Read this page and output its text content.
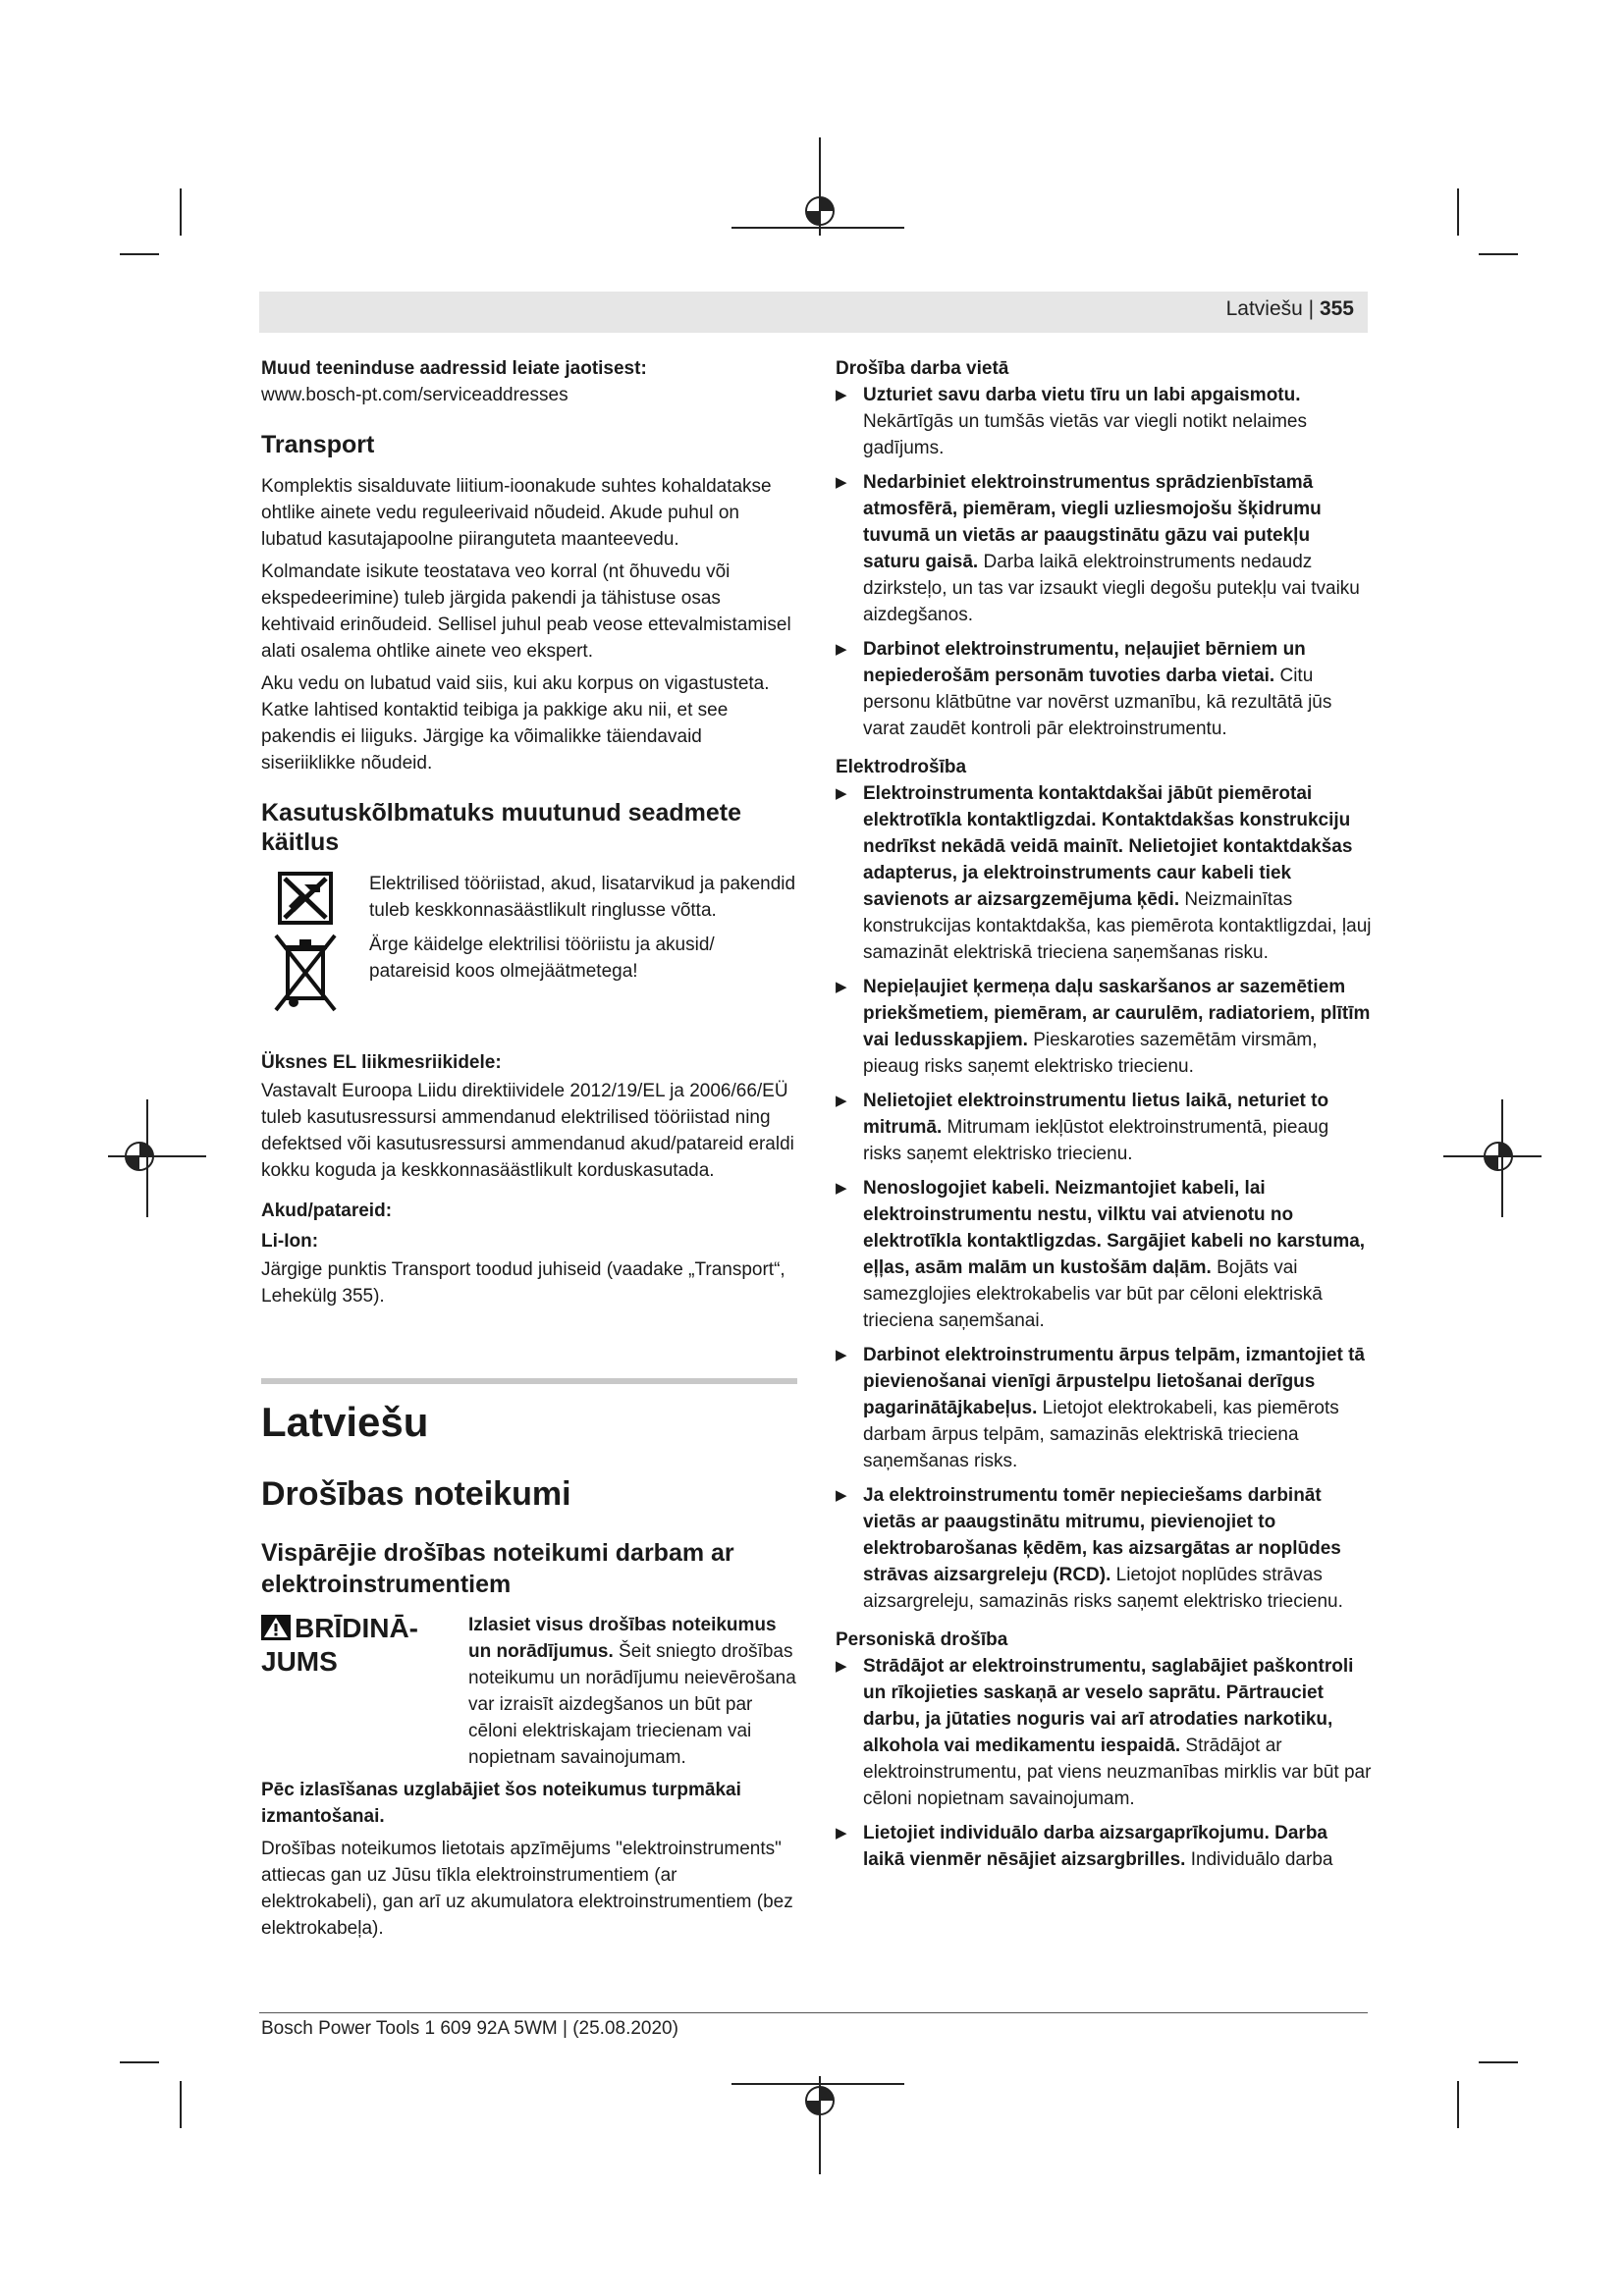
Latviešu | 355

Muud teeninduse aadressid leiate jaotisest:

www.bosch-pt.com/serviceaddresses

Transport

Komplektis sisalduvate liitium-ioonakude suhtes kohaldatakse ohtlike ainete vedu reguleerivaid nõudeid. Akude puhul on lubatud kasutajapoolne piiranguteta maanteevedu.

Kolmandate isikute teostatava veo korral (nt õhuvedu või ekspedeerimine) tuleb järgida pakendi ja tähistuse osas kehtivaid erinõudeid. Sellisel juhul peab veose ettevalmistamisel alati osalema ohtlike ainete veo ekspert.

Aku vedu on lubatud vaid siis, kui aku korpus on vigastusteta. Katke lahtised kontaktid teibiga ja pakkige aku nii, et see pakendis ei liiguks. Järgige ka võimalikke täiendavaid siseriiklikke nõudeid.

Kasutuskõlbmatuks muutunud seadmete käitlus

Elektrilised tööriistad, akud, lisatarvikud ja pakendid tuleb keskkonnasäästlikult ringlusse võtta.

Ärge käidelge elektrilisi tööriistu ja akusid/ patareisid koos olmejäätmetega!

Üksnes EL liikmesriikidele:

Vastavalt Euroopa Liidu direktiividele 2012/19/EL ja 2006/66/EÜ tuleb kasutusressursi ammendanud elektrilised tööriistad ning defektsed või kasutusressursi ammendanud akud/patareid eraldi kokku koguda ja keskkonnasäästlikult korduskasutada.

Akud/patareid:
Li-Ion:

Järgige punktis Transport toodud juhiseid (vaadake „Transport“, Lehekülg 355).

Latviešu
Drošības noteikumi
Vispārējie drošības noteikumi darbam ar elektroinstrumentiem
BRĪDINĀ- JUMS
Izlasiet visus drošības noteikumus un norādījumus. Šeit sniegto drošības noteikumu un norādījumu neievērošana var izraisīt aizdegšanos un būt par cēloni elektriskajam triecienam vai nopietnam savainojumam.

Pēc izlasīšanas uzglabājiet šos noteikumus turpmākai izmantošanai.

Drošības noteikumos lietotais apzīmējums "elektroinstruments" attiecas gan uz Jūsu tīkla elektroinstrumentiem (ar elektrokabeli), gan arī uz akumulatora elektroinstrumentiem (bez elektrokabeļa).

Drošība darba vietā

▶ Uzturiet savu darba vietu tīru un labi apgaismotu. Nekārtīgās un tumšās vietās var viegli notikt nelaimes gadījums.
▶ Nedarbiniet elektroinstrumentus sprādzienbīstamā atmosfērā, piemēram, viegli uzliesmojošu šķidrumu tuvumā un vietās ar paaugstinātu gāzu vai putekļu saturu gaisā. Darba laikā elektroinstruments nedaudz dzirksteļo, un tas var izsaukt viegli degošu putekļu vai tvaiku aizdegšanos.
▶ Darbinot elektroinstrumentu, neļaujiet bērniem un nepiederošām personām tuvoties darba vietai. Citu personu klātbūtne var novērst uzmanību, kā rezultātā jūs varat zaudēt kontroli pār elektroinstrumentu.

Elektrodrošība

▶ Elektroinstrumenta kontaktdakšai jābūt piemērotai elektrotīkla kontaktligzdai. Kontaktdakšas konstrukciju nedrīkst nekādā veidā mainīt. Nelietojiet kontaktdakšas adapterus, ja elektroinstruments caur kabeli tiek savienots ar aizsargzemējuma ķēdi. Neizmainītas konstrukcijas kontaktdakša, kas piemērota kontaktligzdai, ļauj samazināt elektriskā trieciena saņemšanas risku.
▶ Nepieļaujiet ķermeņa daļu saskaršanos ar sazemētiem priekšmetiem, piemēram, ar caurulēm, radiatoriem, plītīm vai ledusskapjiem. Pieskaroties sazemētām virsmām, pieaug risks saņemt elektrisko triecienu.
▶ Nelietojiet elektroinstrumentu lietus laikā, neturiet to mitrumā. Mitrumam iekļūstot elektroinstrumentā, pieaug risks saņemt elektrisko triecienu.
▶ Nenoslogojiet kabeli. Neizmantojiet kabeli, lai elektroinstrumentu nestu, vilktu vai atvienotu no elektrotīkla kontaktligzdas. Sargājiet kabeli no karstuma, eļļas, asām malām un kustošām daļām. Bojāts vai samezglojies elektrokabelis var būt par cēloni elektriskā trieciena saņemšanai.
▶ Darbinot elektroinstrumentu ārpus telpām, izmantojiet tā pievienošanai vienīgi ārpustelpu lietošanai derīgus pagarinātājkabeļus. Lietojot elektrokabeli, kas piemērots darbam ārpus telpām, samazinās elektriskā trieciena saņemšanas risks.
▶ Ja elektroinstrumentu tomēr nepieciešams darbināt vietās ar paaugstinātu mitrumu, pievienojiet to elektrobarošanas ķēdēm, kas aizsargātas ar noplūdes strāvas aizsargreleju (RCD). Lietojot noplūdes strāvas aizsargreleju, samazinās risks saņemt elektrisko triecienu.

Personiskā drošība

▶ Strādājot ar elektroinstrumentu, saglabājiet paškontroli un rīkojieties saskaņā ar veselo saprātu. Pārtrauciet darbu, ja jūtaties noguris vai arī atrodaties narkotiku, alkohola vai medikamentu iespaidā. Strādājot ar elektroinstrumentu, pat viens neuzmanības mirklis var būt par cēloni nopietnam savainojumam.
▶ Lietojiet individuālo darba aizsargaprīkojumu. Darba laikā vienmēr nēsājiet aizsargbrilles. Individuālo darba
Bosch Power Tools 1 609 92A 5WM | (25.08.2020)
